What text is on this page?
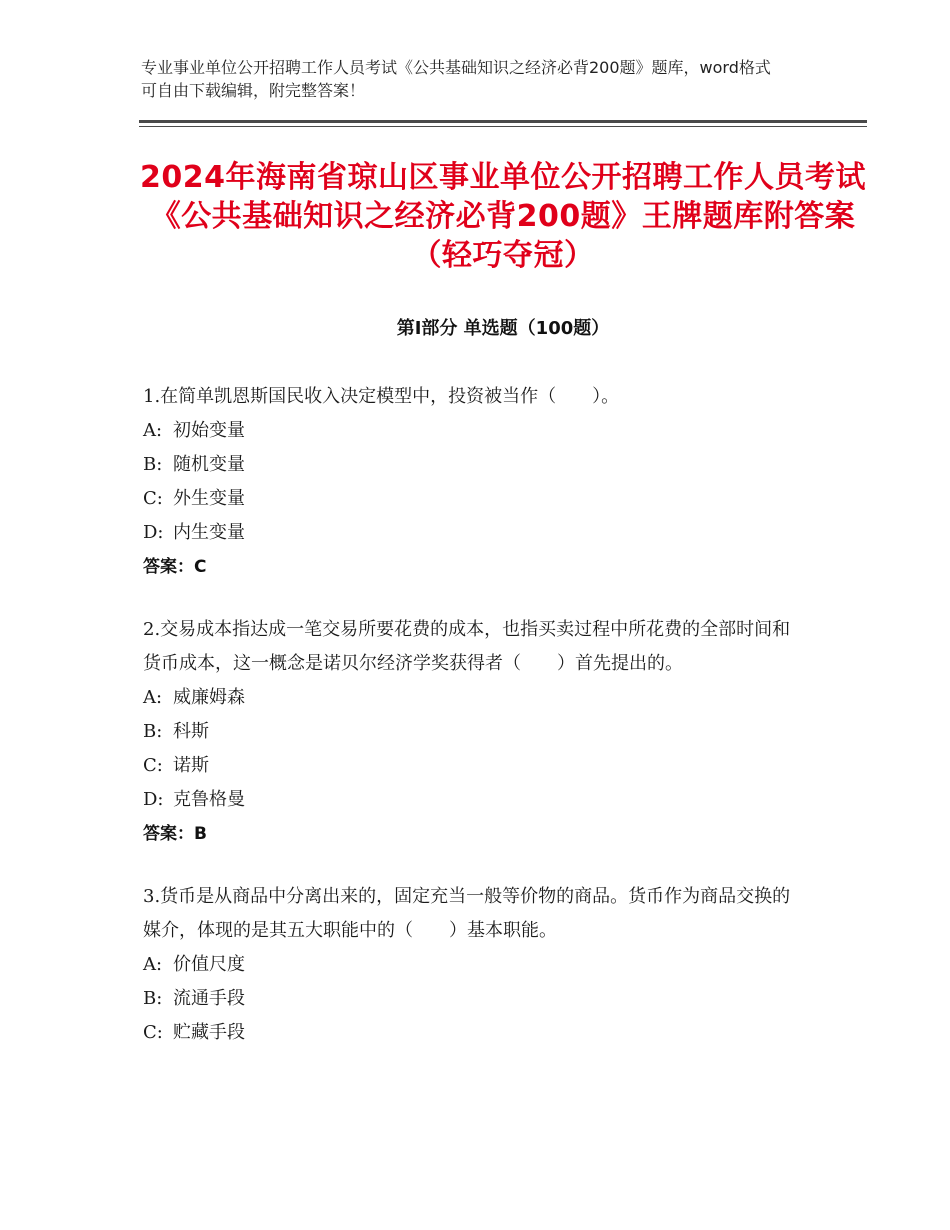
专业事业单位公开招聘工作人员考试《公共基础知识之经济必背200题》题库，word格式可自由下载编辑，附完整答案！
2024年海南省琼山区事业单位公开招聘工作人员考试《公共基础知识之经济必背200题》王牌题库附答案（轻巧夺冠）
第Ⅰ部分 单选题（100题）
1.在简单凯恩斯国民收入决定模型中，投资被当作（　　）。
A: 初始变量
B: 随机变量
C: 外生变量
D: 内生变量
答案：C
2.交易成本指达成一笔交易所要花费的成本，也指买卖过程中所花费的全部时间和货币成本，这一概念是诺贝尔经济学奖获得者（　　）首先提出的。
A: 威廉姆森
B: 科斯
C: 诺斯
D: 克鲁格曼
答案：B
3.货币是从商品中分离出来的，固定充当一般等价物的商品。货币作为商品交换的媒介，体现的是其五大职能中的（　　）基本职能。
A: 价值尺度
B: 流通手段
C: 贮藏手段
